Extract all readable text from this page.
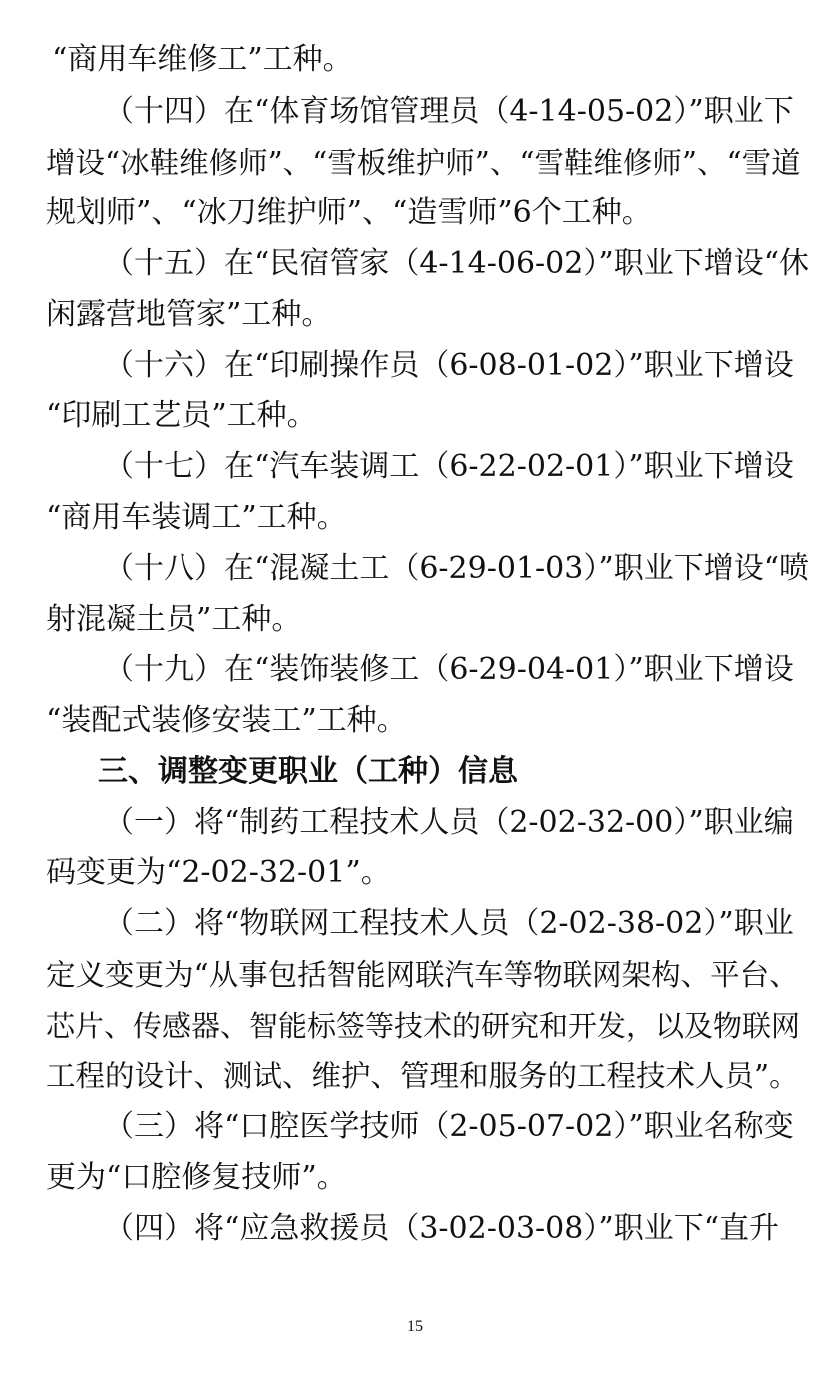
“商用车维修工”工种。
（十四）在“体育场馆管理员（4-14-05-02）”职业下
增设“冰鞋维修师”、“雪板维护师”、“雪鞋维修师”、“雪道
规划师”、“冰刀维护师”、“造雪师”6个工种。
（十五）在“民宿管家（4-14-06-02）”职业下增设“休
闲露营地管家”工种。
（十六）在“印刷操作员（6-08-01-02）”职业下增设
“印刷工艺员”工种。
（十七）在“汽车装调工（6-22-02-01）”职业下增设
“商用车装调工”工种。
（十八）在“混凝土工（6-29-01-03）”职业下增设“喷
射混凝土员”工种。
（十九）在“装饰装修工（6-29-04-01）”职业下增设
“装配式装修安装工”工种。
三、调整变更职业（工种）信息
（一）将“制药工程技术人员（2-02-32-00）”职业编
码变更为“2-02-32-01”。
（二）将“物联网工程技术人员（2-02-38-02）”职业
定义变更为“从事包括智能网联汽车等物联网架构、平台、
芯片、传感器、智能标签等技术的研究和开发，以及物联网
工程的设计、测试、维护、管理和服务的工程技术人员”。
（三）将“口腔医学技师（2-05-07-02）”职业名称变
更为“口腔修复技师”。
（四）将“应急救援员（3-02-03-08）”职业下“直升
15
